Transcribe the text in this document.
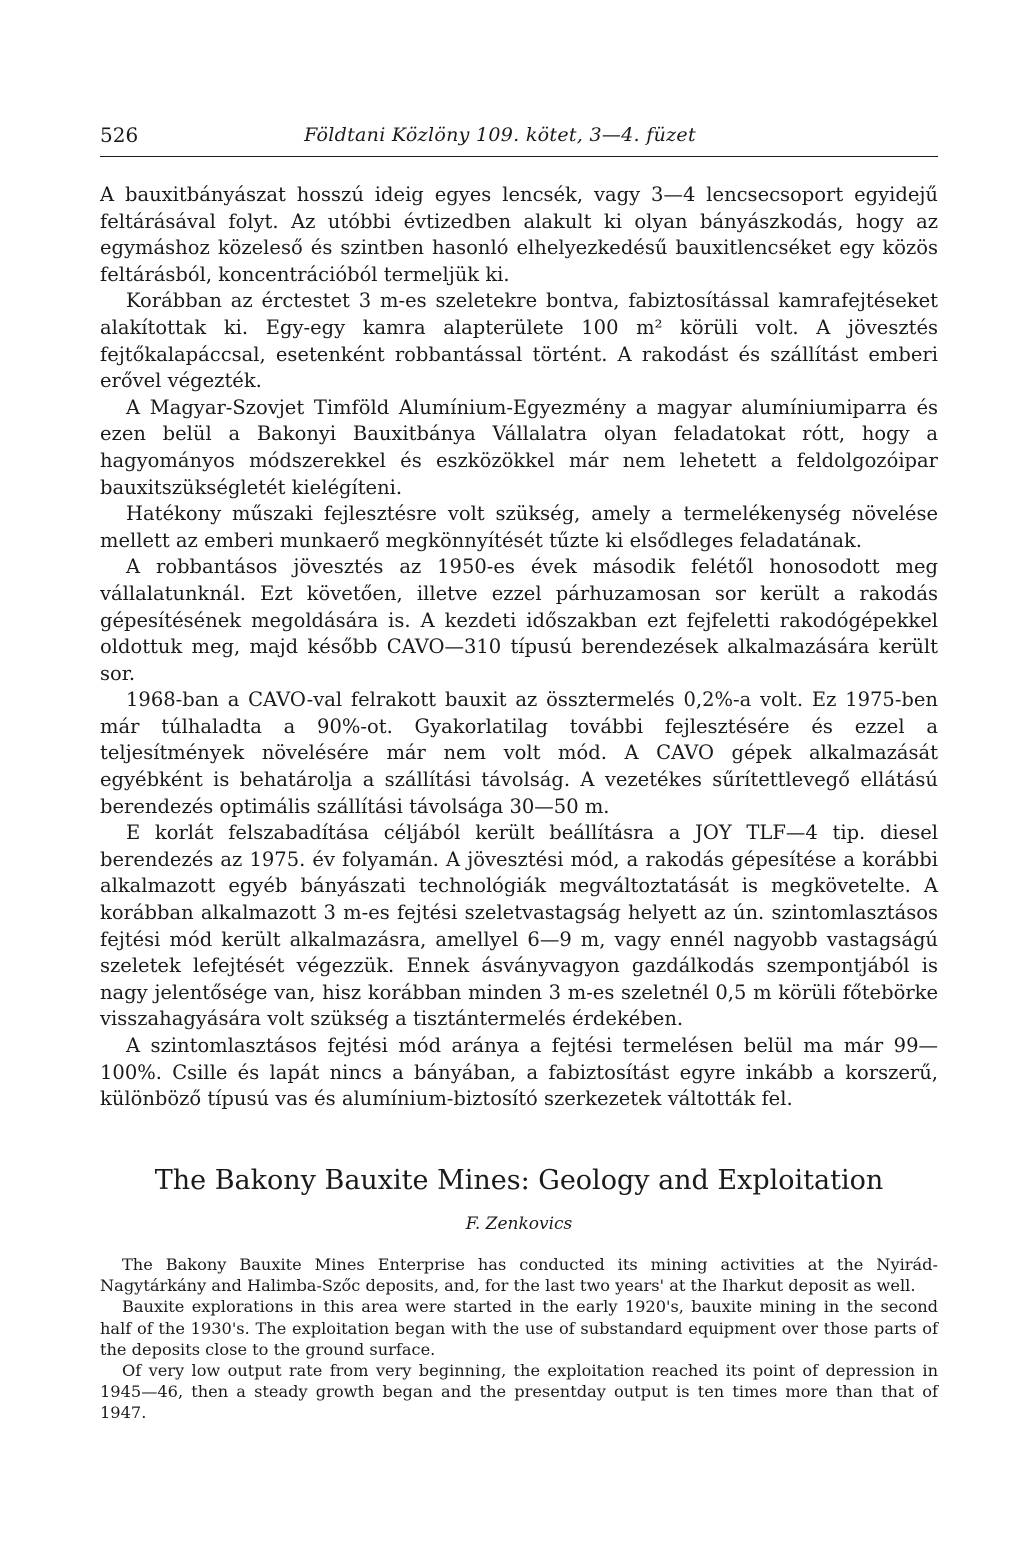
526	Földtani Közlöny 109. kötet, 3—4. füzet

A bauxitbányászat hosszú ideig egyes lencsék, vagy 3—4 lencsecsoport egyidejű feltárásával folyt. Az utóbbi évtizedben alakult ki olyan bányászkodás, hogy az egymáshoz közeleső és szintben hasonló elhelyezkedésű bauxitlencséket egy közös feltárásból, koncentrációból termeljük ki.

Korábban az érctestet 3 m-es szeletekre bontva, fabiztosítással kamrafejtéseket alakítottak ki. Egy-egy kamra alapterülete 100 m² körüli volt. A jövesztés fejtőkalapáccsal, esetenként robbantással történt. A rakodást és szállítást emberi erővel végezték.

A Magyar-Szovjet Timföld Alumínium-Egyezmény a magyar alumíniumiparra és ezen belül a Bakonyi Bauxitbánya Vállalatra olyan feladatokat rótt, hogy a hagyományos módszerekkel és eszközökkel már nem lehetett a feldolgozóipar bauxitszükségletét kielégíteni.

Hatékony műszaki fejlesztésre volt szükség, amely a termelékenység növelése mellett az emberi munkaerő megkönnyítését tűzte ki elsődleges feladatának.

A robbantásos jövesztés az 1950-es évek második felétől honosodott meg vállalatunknál. Ezt követően, illetve ezzel párhuzamosan sor került a rakodás gépesítésének megoldására is. A kezdeti időszakban ezt fejfeletti rakodógépekkel oldottuk meg, majd később CAVO—310 típusú berendezések alkalmazására került sor.

1968-ban a CAVO-val felrakott bauxit az össztermelés 0,2%-a volt. Ez 1975-ben már túlhaladta a 90%-ot. Gyakorlatilag további fejlesztésére és ezzel a teljesítmények növelésére már nem volt mód. A CAVO gépek alkalmazását egyébként is behatárolja a szállítási távolság. A vezetékes sűrítettlevegő ellátású berendezés optimális szállítási távolsága 30—50 m.

E korlát felszabadítása céljából került beállításra a JOY TLF—4 tip. diesel berendezés az 1975. év folyamán. A jövesztési mód, a rakodás gépesítése a korábbi alkalmazott egyéb bányászati technológiák megváltoztatását is megkövetelte. A korábban alkalmazott 3 m-es fejtési szeletvastagság helyett az ún. szintomlasztásos fejtési mód került alkalmazásra, amellyel 6—9 m, vagy ennél nagyobb vastagságú szeletek lefejtését végezzük. Ennek ásványvagyon gazdálkodás szempontjából is nagy jelentősége van, hisz korábban minden 3 m-es szeletnél 0,5 m körüli főtebörke visszahagyására volt szükség a tisztántermelés érdekében.

A szintomlasztásos fejtési mód aránya a fejtési termelésen belül ma már 99—100%. Csille és lapát nincs a bányában, a fabiztosítást egyre inkább a korszerű, különböző típusú vas és alumínium-biztosító szerkezetek váltották fel.

The Bakony Bauxite Mines: Geology and Exploitation
F. Zenkovics

The Bakony Bauxite Mines Enterprise has conducted its mining activities at the Nyirád-Nagytárkány and Halimba-Szőc deposits, and, for the last two years' at the Iharkut deposit as well.

Bauxite explorations in this area were started in the early 1920's, bauxite mining in the second half of the 1930's. The exploitation began with the use of substandard equipment over those parts of the deposits close to the ground surface.

Of very low output rate from very beginning, the exploitation reached its point of depression in 1945—46, then a steady growth began and the presentday output is ten times more than that of 1947.
